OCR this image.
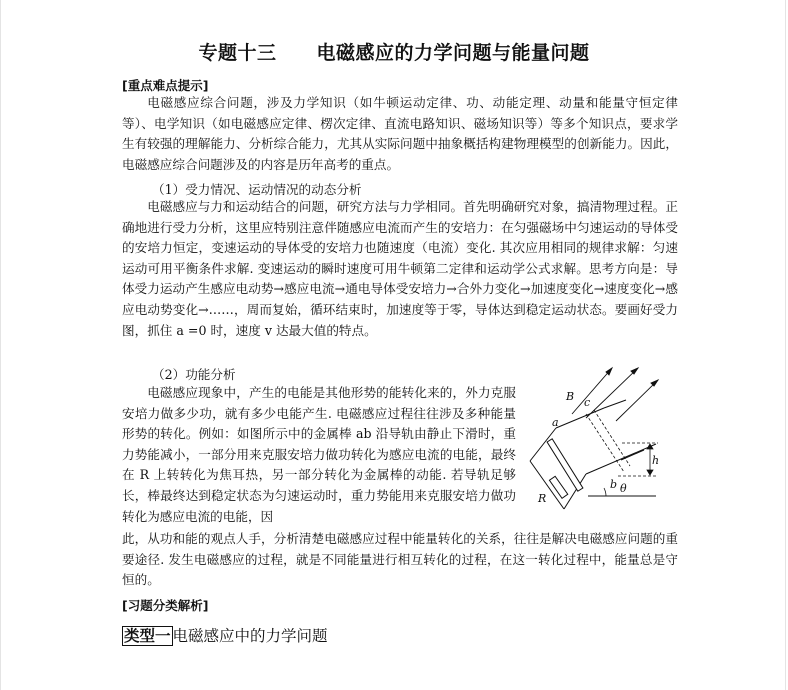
专题十三 电磁感应的力学问题与能量问题
[重点难点提示]

电磁感应综合问题，涉及力学知识（如牛顿运动定律、功、动能定理、动量和能量守恒定律等）、电学知识（如电磁感应定律、楞次定律、直流电路知识、磁场知识等）等多个知识点，要求学生有较强的理解能力、分析综合能力，尤其从实际问题中抽象概括构建物理模型的创新能力。因此，电磁感应综合问题涉及的内容是历年高考的重点。

（1）受力情况、运动情况的动态分析

电磁感应与力和运动结合的问题，研究方法与力学相同。首先明确研究对象，搞清物理过程。正确地进行受力分析，这里应特别注意伴随感应电流而产生的安培力：在匀强磁场中匀速运动的导体受的安培力恒定，变速运动的导体受的安培力也随速度（电流）变化. 其次应用相同的规律求解：匀速运动可用平衡条件求解. 变速运动的瞬时速度可用牛顿第二定律和运动学公式求解。思考方向是：导体受力运动产生感应电动势→感应电流→通电导体受安培力→合外力变化→加速度变化→速度变化→感应电动势变化→……，周而复始，循环结束时，加速度等于零，导体达到稳定运动状态。要画好受力图，抓住 a =0 时，速度 v 达最大值的特点。

（2）功能分析

电磁感应现象中，产生的电能是其他形势的能转化来的，外力克服安培力做多少功，就有多少电能产生. 电磁感应过程往往涉及多种能量形势的转化。例如：如图所示中的金属棒 ab 沿导轨由静止下滑时，重力势能减小，一部分用来克服安培力做功转化为感应电流的电能，最终在 R 上转转化为焦耳热，另一部分转化为金属棒的动能. 若导轨足够长，棒最终达到稳定状态为匀速运动时，重力势能用来克服安培力做功转化为感应电流的电能，因

此，从功和能的观点人手，分析清楚电磁感应过程中能量转化的关系，往往是解决电磁感应问题的重要途径. 发生电磁感应的过程，就是不同能量进行相互转化的过程，在这一转化过程中，能量总是守恒的。

[习题分类解析]
类型一 电磁感应中的力学问题
B c
a
b
h
R
θ
